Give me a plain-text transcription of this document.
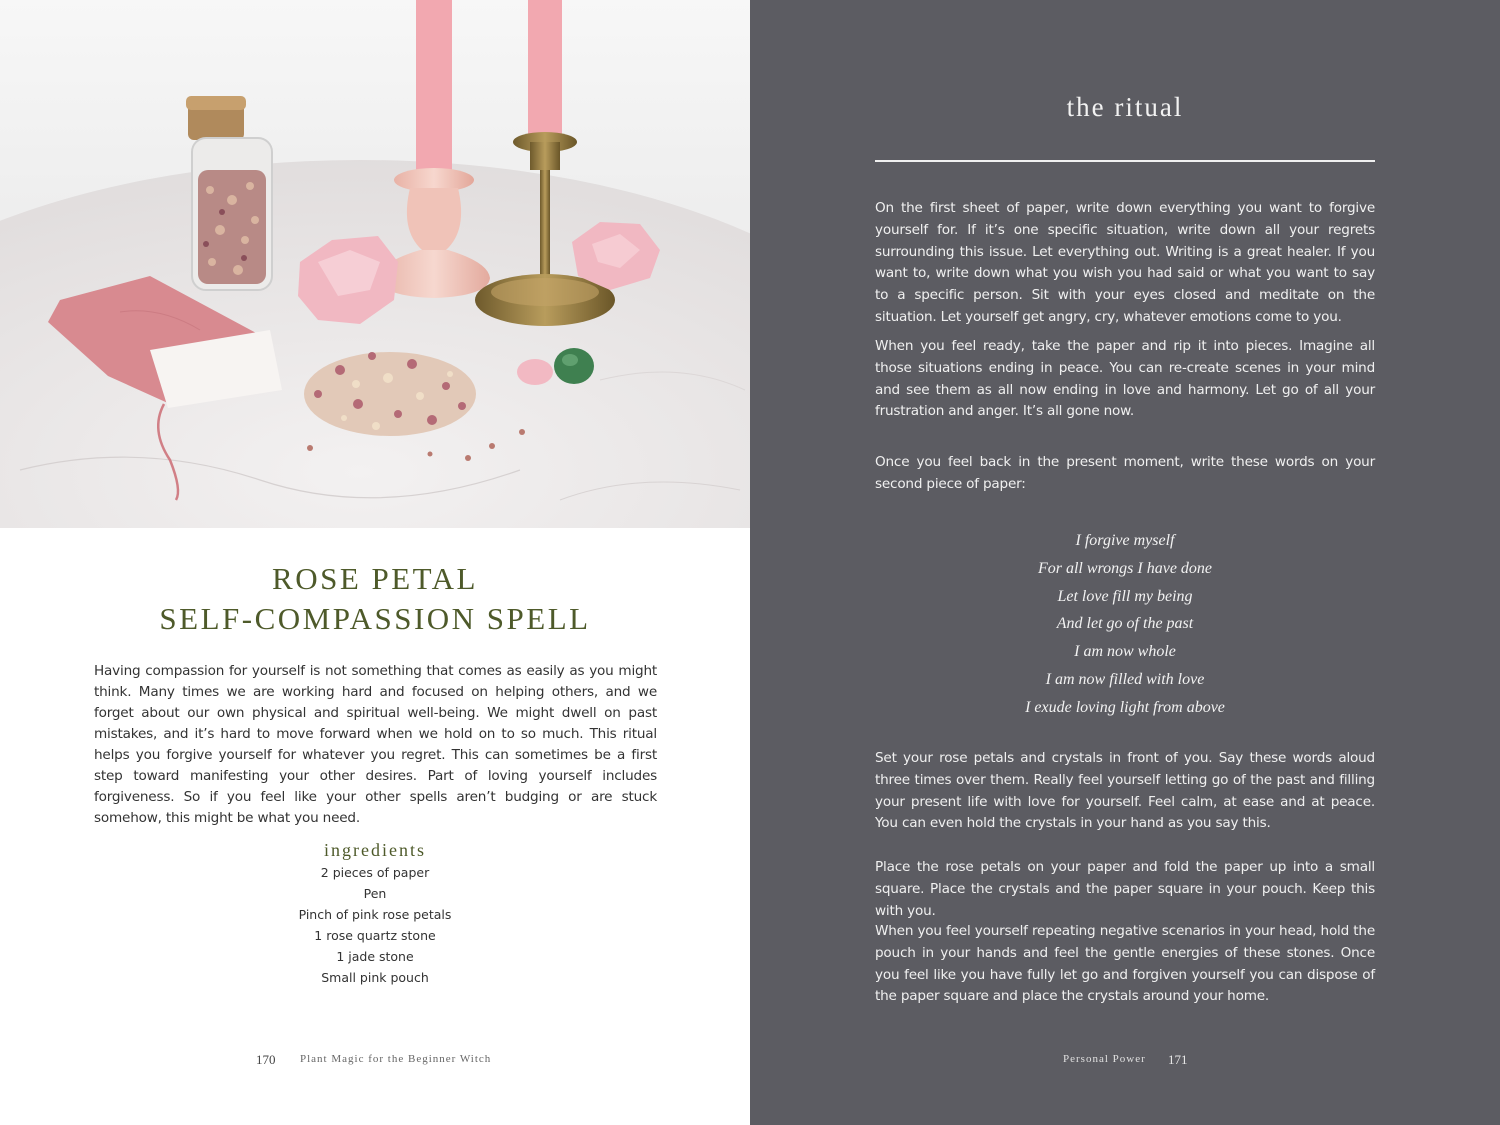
ROSE PETAL
SELF-COMPASSION SPELL

Having compassion for yourself is not something that comes as easily as you might think. Many times we are working hard and focused on helping others, and we forget about our own physical and spiritual well-being. We might dwell on past mistakes, and it’s hard to move forward when we hold on to so much. This ritual helps you forgive yourself for whatever you regret. This can sometimes be a first step toward manifesting your other desires. Part of loving yourself includes forgiveness. So if you feel like your other spells aren’t budging or are stuck somehow, this might be what you need.

ingredients
2 pieces of paper
Pen
Pinch of pink rose petals
1 rose quartz stone
1 jade stone
Small pink pouch
170 Plant Magic for the Beginner Witch
the ritual

On the first sheet of paper, write down everything you want to forgive yourself for. If it’s one specific situation, write down all your regrets surrounding this issue. Let everything out. Writing is a great healer. If you want to, write down what you wish you had said or what you want to say to a specific person. Sit with your eyes closed and meditate on the situation. Let yourself get angry, cry, whatever emotions come to you.

When you feel ready, take the paper and rip it into pieces. Imagine all those situations ending in peace. You can re-create scenes in your mind and see them as all now ending in love and harmony. Let go of all your frustration and anger. It’s all gone now.

Once you feel back in the present moment, write these words on your second piece of paper:

I forgive myself
For all wrongs I have done
Let love fill my being
And let go of the past
I am now whole
I am now filled with love
I exude loving light from above

Set your rose petals and crystals in front of you. Say these words aloud three times over them. Really feel yourself letting go of the past and filling your present life with love for yourself. Feel calm, at ease and at peace. You can even hold the crystals in your hand as you say this.

Place the rose petals on your paper and fold the paper up into a small square. Place the crystals and the paper square in your pouch. Keep this with you.

When you feel yourself repeating negative scenarios in your head, hold the pouch in your hands and feel the gentle energies of these stones. Once you feel like you have fully let go and forgiven yourself you can dispose of the paper square and place the crystals around your home.

Personal Power 171
